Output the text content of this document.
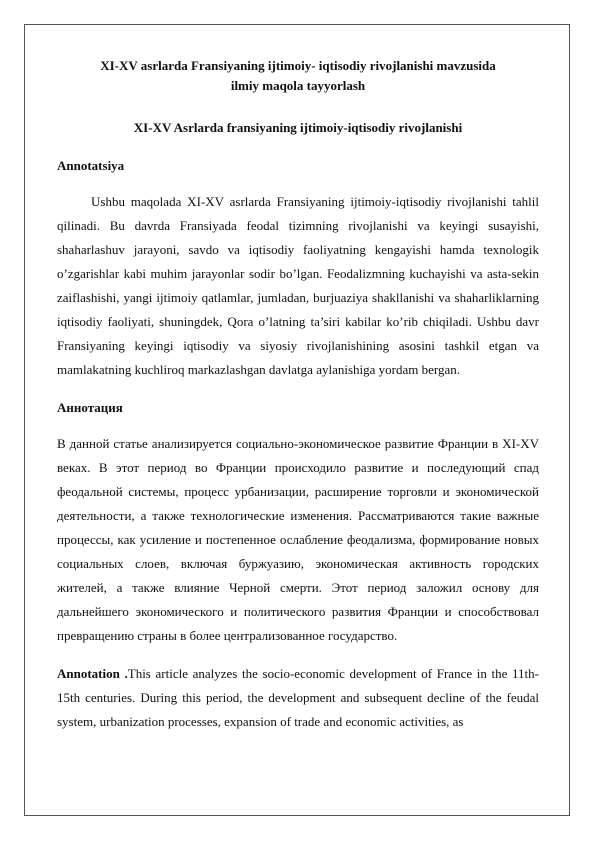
XI-XV asrlarda Fransiyaning ijtimoiy- iqtisodiy rivojlanishi mavzusida
ilmiy maqola tayyorlash

XI-XV Asrlarda fransiyaning ijtimoiy-iqtisodiy rivojlanishi

Annotatsiya

Ushbu maqolada XI-XV asrlarda Fransiyaning ijtimoiy-iqtisodiy rivojlanishi tahlil qilinadi. Bu davrda Fransiyada feodal tizimning rivojlanishi va keyingi susayishi, shaharlashuv jarayoni, savdo va iqtisodiy faoliyatning kengayishi hamda texnologik o’zgarishlar kabi muhim jarayonlar sodir bo’lgan. Feodalizmning kuchayishi va asta-sekin zaiflashishi, yangi ijtimoiy qatlamlar, jumladan, burjuaziya shakllanishi va shaharliklarning iqtisodiy faoliyati, shuningdek, Qora o’latning ta’siri kabilar ko’rib chiqiladi. Ushbu davr Fransiyaning keyingi iqtisodiy va siyosiy rivojlanishining asosini tashkil etgan va mamlakatning kuchliroq markazlashgan davlatga aylanishiga yordam bergan.

Аннотация

В данной статье анализируется социально-экономическое развитие Франции в XI-XV веках. В этот период во Франции происходило развитие и последующий спад феодальной системы, процесс урбанизации, расширение торговли и экономической деятельности, а также технологические изменения. Рассматриваются такие важные процессы, как усиление и постепенное ослабление феодализма, формирование новых социальных слоев, включая буржуазию, экономическая активность городских жителей, а также влияние Черной смерти. Этот период заложил основу для дальнейшего экономического и политического развития Франции и способствовал превращению страны в более централизованное государство.

Annotation .This article analyzes the socio-economic development of France in the 11th-15th centuries. During this period, the development and subsequent decline of the feudal system, urbanization processes, expansion of trade and economic activities, as
